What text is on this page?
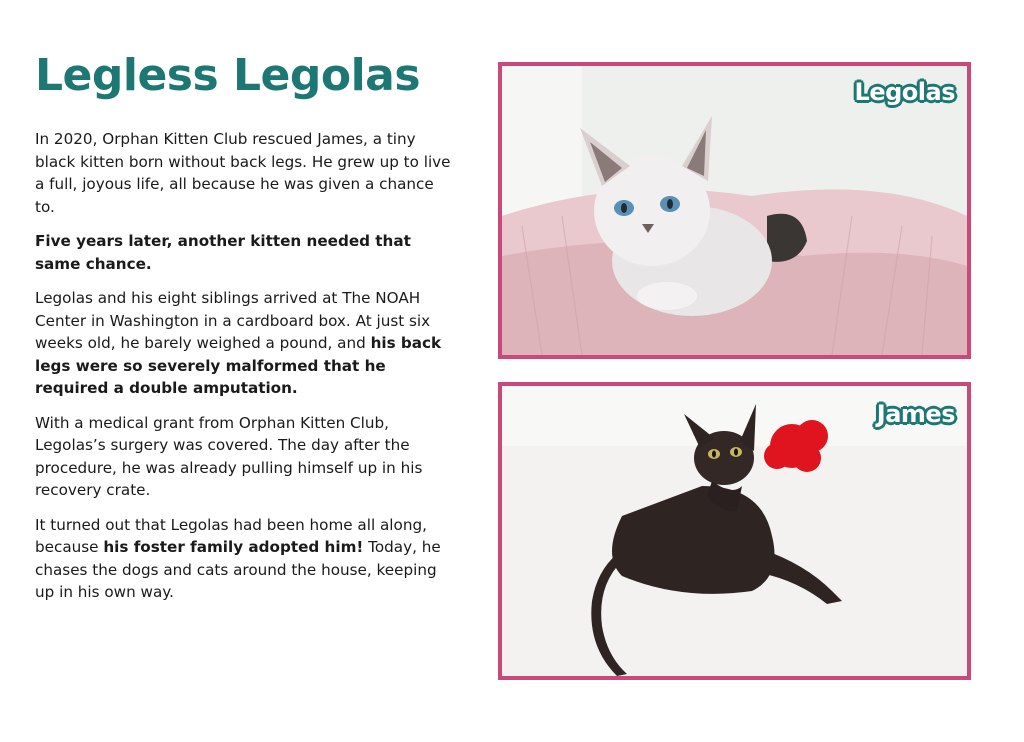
Legless Legolas

In 2020, Orphan Kitten Club rescued James, a tiny black kitten born without back legs. He grew up to live a full, joyous life, all because he was given a chance to.

Five years later, another kitten needed that same chance.

Legolas and his eight siblings arrived at The NOAH Center in Washington in a cardboard box. At just six weeks old, he barely weighed a pound, and his back legs were so severely malformed that he required a double amputation.

With a medical grant from Orphan Kitten Club, Legolas’s surgery was covered. The day after the procedure, he was already pulling himself up in his recovery crate.

It turned out that Legolas had been home all along, because his foster family adopted him! Today, he chases the dogs and cats around the house, keeping up in his own way.

Legolas
James
